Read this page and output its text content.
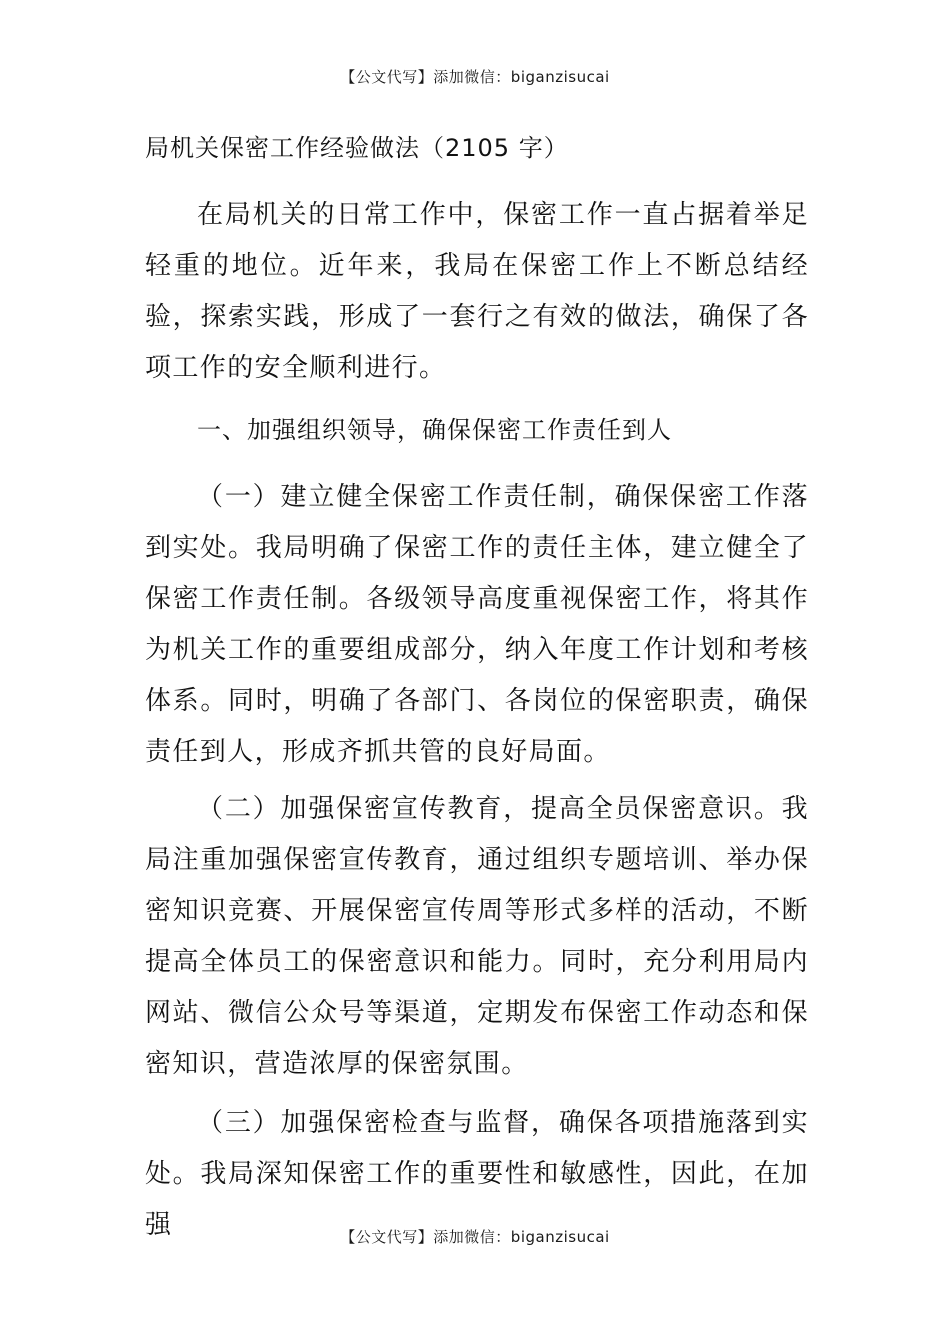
【公文代写】添加微信：biganzisucai
局机关保密工作经验做法（2105 字）

在局机关的日常工作中，保密工作一直占据着举足轻重的地位。近年来，我局在保密工作上不断总结经验，探索实践，形成了一套行之有效的做法，确保了各项工作的安全顺利进行。

一、加强组织领导，确保保密工作责任到人

（一）建立健全保密工作责任制，确保保密工作落到实处。我局明确了保密工作的责任主体，建立健全了保密工作责任制。各级领导高度重视保密工作，将其作为机关工作的重要组成部分，纳入年度工作计划和考核体系。同时，明确了各部门、各岗位的保密职责，确保责任到人，形成齐抓共管的良好局面。

（二）加强保密宣传教育，提高全员保密意识。我局注重加强保密宣传教育，通过组织专题培训、举办保密知识竞赛、开展保密宣传周等形式多样的活动，不断提高全体员工的保密意识和能力。同时，充分利用局内网站、微信公众号等渠道，定期发布保密工作动态和保密知识，营造浓厚的保密氛围。

（三）加强保密检查与监督，确保各项措施落到实处。我局深知保密工作的重要性和敏感性，因此，在加强	【公文代写】添加微信：biganzisucai
